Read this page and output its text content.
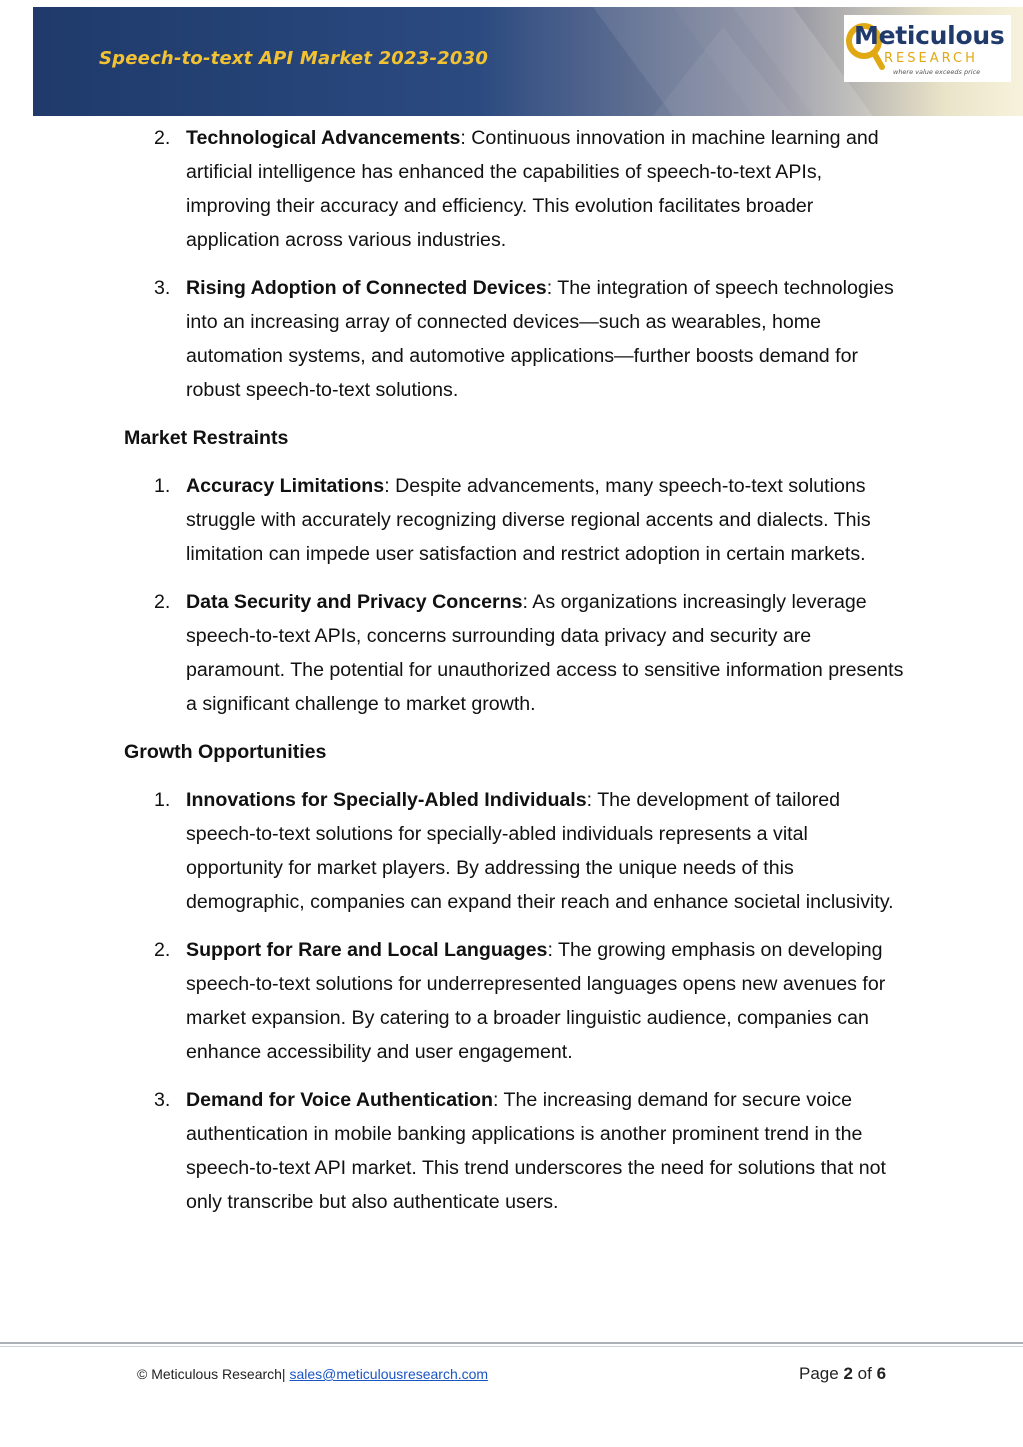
Speech-to-text API Market 2023-2030
Meticulous
RESEARCH
where value exceeds price
2. Technological Advancements: Continuous innovation in machine learning and artificial intelligence has enhanced the capabilities of speech-to-text APIs, improving their accuracy and efficiency. This evolution facilitates broader application across various industries.
3. Rising Adoption of Connected Devices: The integration of speech technologies into an increasing array of connected devices—such as wearables, home automation systems, and automotive applications—further boosts demand for robust speech-to-text solutions.
Market Restraints
1. Accuracy Limitations: Despite advancements, many speech-to-text solutions struggle with accurately recognizing diverse regional accents and dialects. This limitation can impede user satisfaction and restrict adoption in certain markets.
2. Data Security and Privacy Concerns: As organizations increasingly leverage speech-to-text APIs, concerns surrounding data privacy and security are paramount. The potential for unauthorized access to sensitive information presents a significant challenge to market growth.
Growth Opportunities
1. Innovations for Specially-Abled Individuals: The development of tailored speech-to-text solutions for specially-abled individuals represents a vital opportunity for market players. By addressing the unique needs of this demographic, companies can expand their reach and enhance societal inclusivity.
2. Support for Rare and Local Languages: The growing emphasis on developing speech-to-text solutions for underrepresented languages opens new avenues for market expansion. By catering to a broader linguistic audience, companies can enhance accessibility and user engagement.
3. Demand for Voice Authentication: The increasing demand for secure voice authentication in mobile banking applications is another prominent trend in the speech-to-text API market. This trend underscores the need for solutions that not only transcribe but also authenticate users.
© Meticulous Research| sales@meticulousresearch.com	Page 2 of 6
